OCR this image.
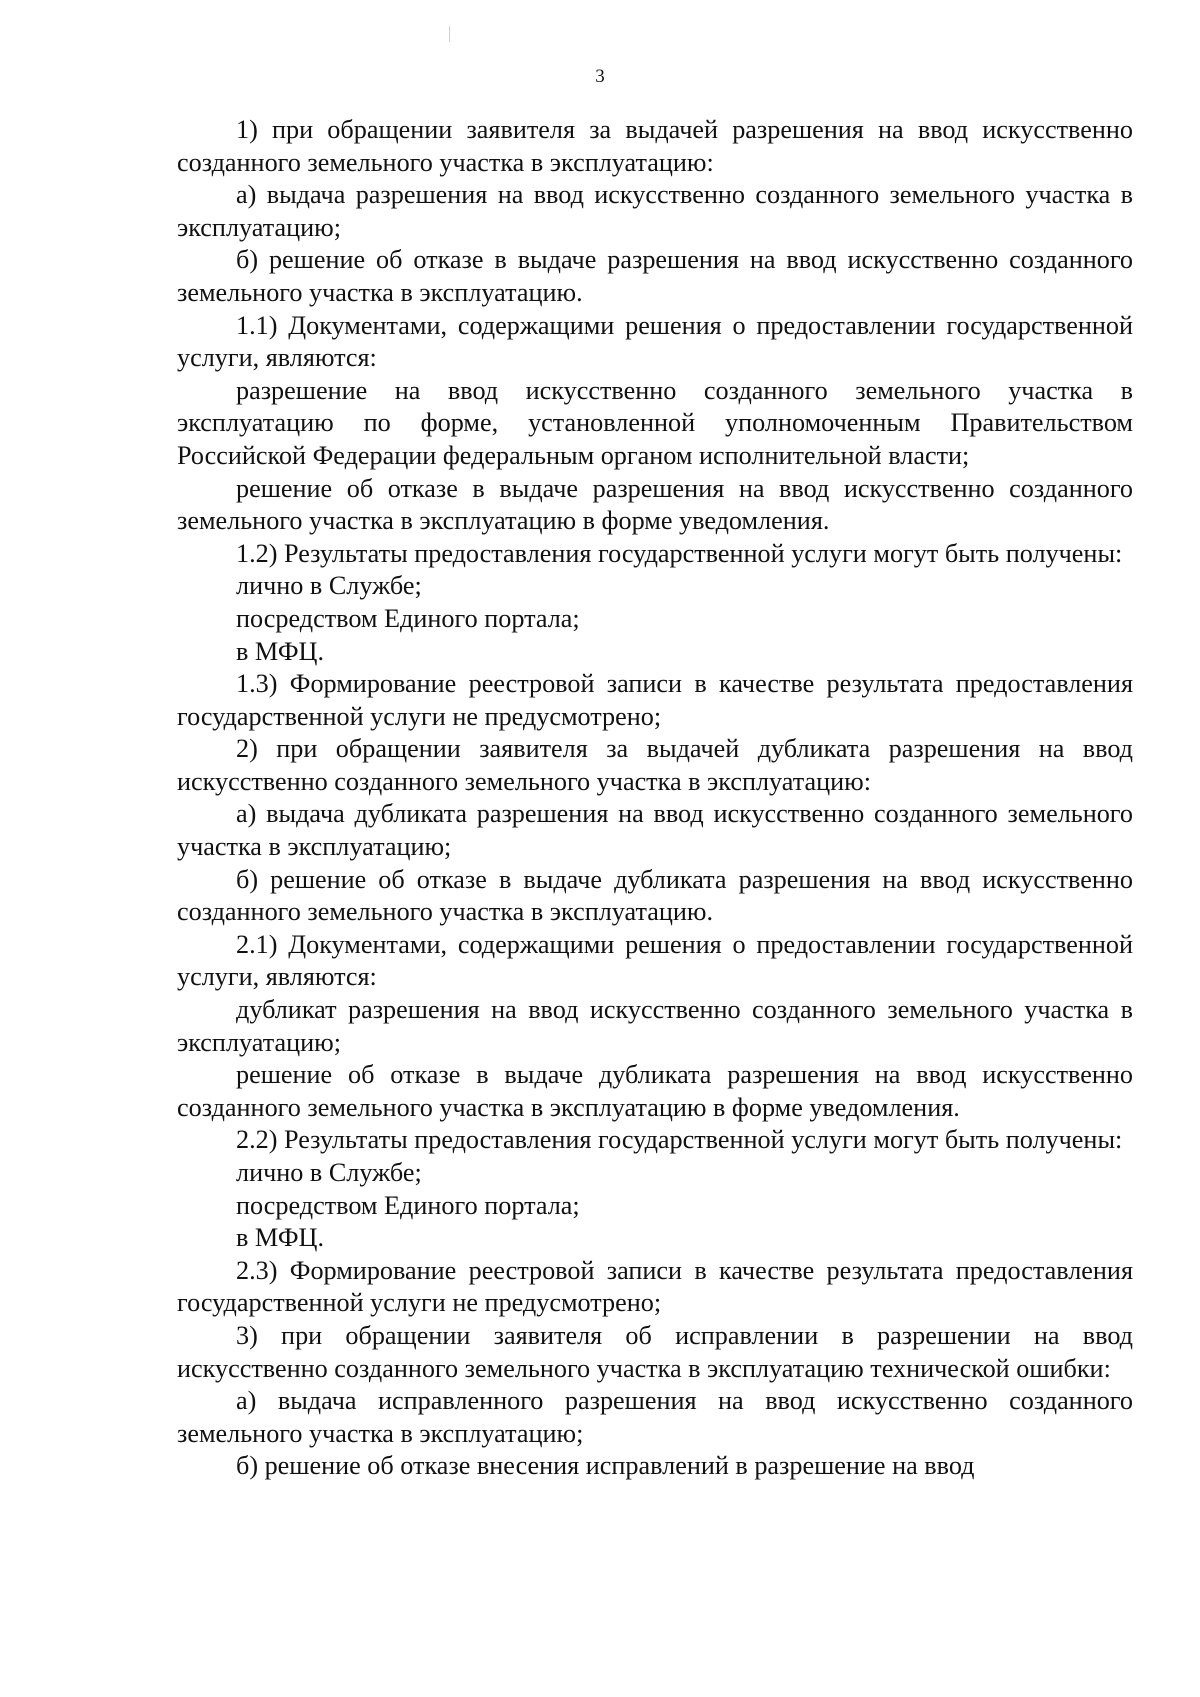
3

1) при обращении заявителя за выдачей разрешения на ввод искусственно созданного земельного участка в эксплуатацию:

а) выдача разрешения на ввод искусственно созданного земельного участка в эксплуатацию;

б) решение об отказе в выдаче разрешения на ввод искусственно созданного земельного участка в эксплуатацию.

1.1) Документами, содержащими решения о предоставлении государственной услуги, являются:

разрешение на ввод искусственно созданного земельного участка в эксплуатацию по форме, установленной уполномоченным Правительством Российской Федерации федеральным органом исполнительной власти;

решение об отказе в выдаче разрешения на ввод искусственно созданного земельного участка в эксплуатацию в форме уведомления.

1.2) Результаты предоставления государственной услуги могут быть получены:

лично в Службе;

посредством Единого портала;

в МФЦ.

1.3) Формирование реестровой записи в качестве результата предоставления государственной услуги не предусмотрено;

2) при обращении заявителя за выдачей дубликата разрешения на ввод искусственно созданного земельного участка в эксплуатацию:

а) выдача дубликата разрешения на ввод искусственно созданного земельного участка в эксплуатацию;

б) решение об отказе в выдаче дубликата разрешения на ввод искусственно созданного земельного участка в эксплуатацию.

2.1) Документами, содержащими решения о предоставлении государственной услуги, являются:

дубликат разрешения на ввод искусственно созданного земельного участка в эксплуатацию;

решение об отказе в выдаче дубликата разрешения на ввод искусственно созданного земельного участка в эксплуатацию в форме уведомления.

2.2) Результаты предоставления государственной услуги могут быть получены:

лично в Службе;

посредством Единого портала;

в МФЦ.

2.3) Формирование реестровой записи в качестве результата предоставления государственной услуги не предусмотрено;

3) при обращении заявителя об исправлении в разрешении на ввод искусственно созданного земельного участка в эксплуатацию технической ошибки:

а) выдача исправленного разрешения на ввод искусственно созданного земельного участка в эксплуатацию;

б) решение об отказе внесения исправлений в разрешение на ввод
